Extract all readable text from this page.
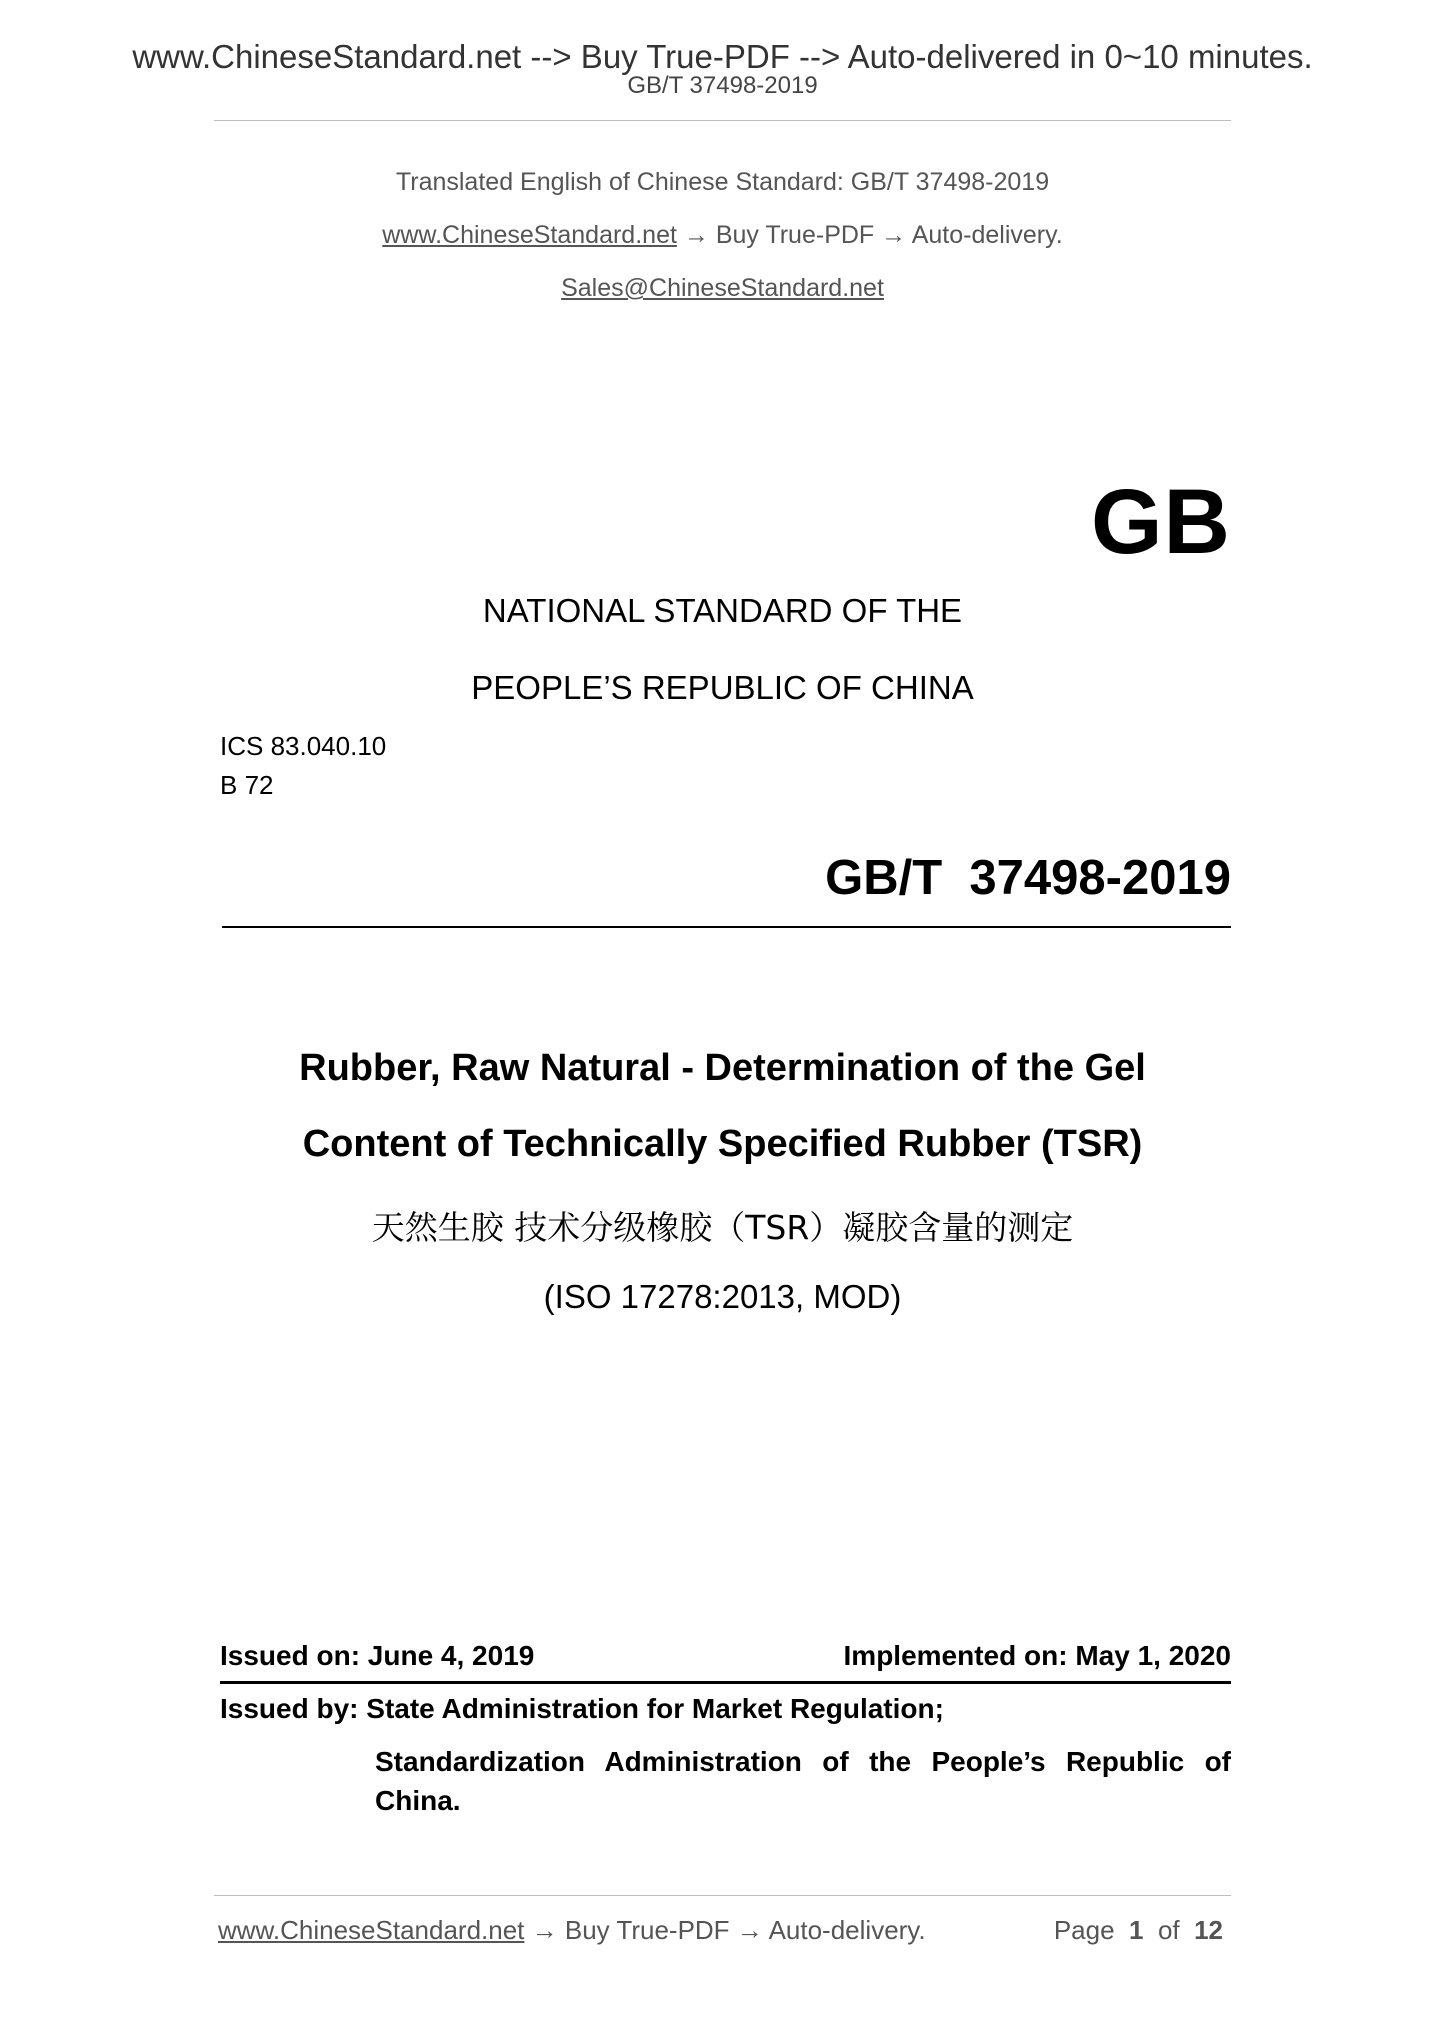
www.ChineseStandard.net --> Buy True-PDF --> Auto-delivered in 0~10 minutes.
GB/T 37498-2019
Translated English of Chinese Standard: GB/T 37498-2019
www.ChineseStandard.net → Buy True-PDF → Auto-delivery.
Sales@ChineseStandard.net
GB
NATIONAL STANDARD OF THE
PEOPLE’S REPUBLIC OF CHINA
ICS 83.040.10
B 72
GB/T  37498-2019
Rubber, Raw Natural - Determination of the Gel
Content of Technically Specified Rubber (TSR)
天然生胶 技术分级橡胶（TSR）凝胶含量的测定
(ISO 17278:2013, MOD)
Issued on: June 4, 2019	Implemented on: May 1, 2020
Issued by: State Administration for Market Regulation;
Standardization Administration of the People’s Republic of
China.
www.ChineseStandard.net → Buy True-PDF → Auto-delivery.	Page 1 of 12
